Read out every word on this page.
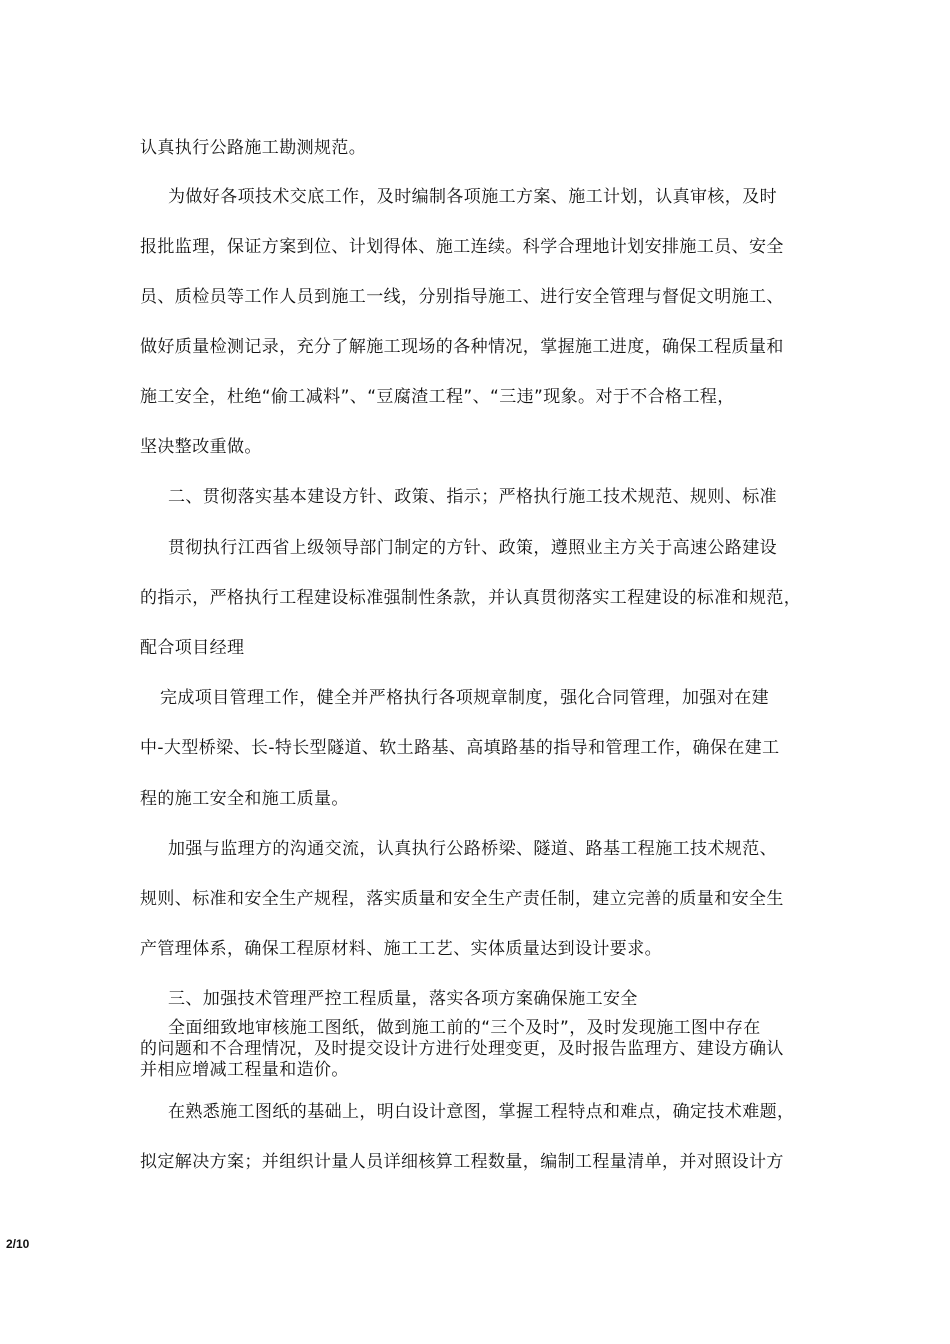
认真执行公路施工勘测规范。
为做好各项技术交底工作，及时编制各项施工方案、施工计划，认真审核，及时
报批监理，保证方案到位、计划得体、施工连续。科学合理地计划安排施工员、安全
员、质检员等工作人员到施工一线，分别指导施工、进行安全管理与督促文明施工、
做好质量检测记录，充分了解施工现场的各种情况，掌握施工进度，确保工程质量和
施工安全，杜绝“偷工减料”、“豆腐渣工程”、“三违”现象。对于不合格工程，
坚决整改重做。
二、贯彻落实基本建设方针、政策、指示；严格执行施工技术规范、规则、标准
贯彻执行江西省上级领导部门制定的方针、政策，遵照业主方关于高速公路建设
的指示，严格执行工程建设标准强制性条款，并认真贯彻落实工程建设的标准和规范，
配合项目经理
完成项目管理工作，健全并严格执行各项规章制度，强化合同管理，加强对在建
中-大型桥梁、长-特长型隧道、软土路基、高填路基的指导和管理工作，确保在建工
程的施工安全和施工质量。
加强与监理方的沟通交流，认真执行公路桥梁、隧道、路基工程施工技术规范、
规则、标准和安全生产规程，落实质量和安全生产责任制，建立完善的质量和安全生
产管理体系，确保工程原材料、施工工艺、实体质量达到设计要求。
三、加强技术管理严控工程质量，落实各项方案确保施工安全
全面细致地审核施工图纸，做到施工前的“三个及时”，及时发现施工图中存在
的问题和不合理情况，及时提交设计方进行处理变更，及时报告监理方、建设方确认
并相应增减工程量和造价。
在熟悉施工图纸的基础上，明白设计意图，掌握工程特点和难点，确定技术难题，
拟定解决方案；并组织计量人员详细核算工程数量，编制工程量清单，并对照设计方
2/10
